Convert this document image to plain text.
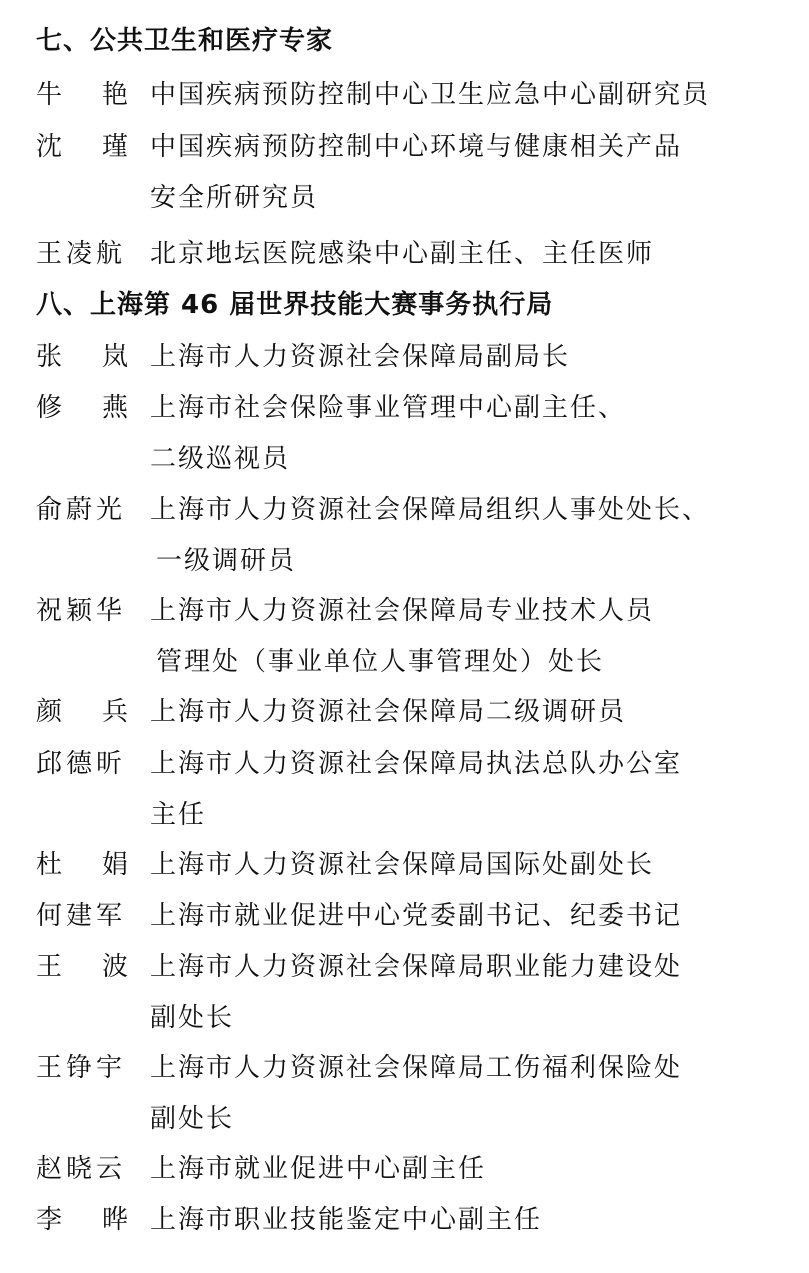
七、公共卫生和医疗专家
牛 艳 中国疾病预防控制中心卫生应急中心副研究员
沈 瑾 中国疾病预防控制中心环境与健康相关产品
安全所研究员
王凌航 北京地坛医院感染中心副主任、主任医师
八、上海第 46 届世界技能大赛事务执行局
张 岚 上海市人力资源社会保障局副局长
修 燕 上海市社会保险事业管理中心副主任、
二级巡视员
俞蔚光 上海市人力资源社会保障局组织人事处处长、
一级调研员
祝颖华 上海市人力资源社会保障局专业技术人员
管理处（事业单位人事管理处）处长
颜 兵 上海市人力资源社会保障局二级调研员
邱德昕 上海市人力资源社会保障局执法总队办公室
主任
杜 娟 上海市人力资源社会保障局国际处副处长
何建军 上海市就业促进中心党委副书记、纪委书记
王 波 上海市人力资源社会保障局职业能力建设处
副处长
王铮宇 上海市人力资源社会保障局工伤福利保险处
副处长
赵晓云 上海市就业促进中心副主任
李 晔 上海市职业技能鉴定中心副主任
